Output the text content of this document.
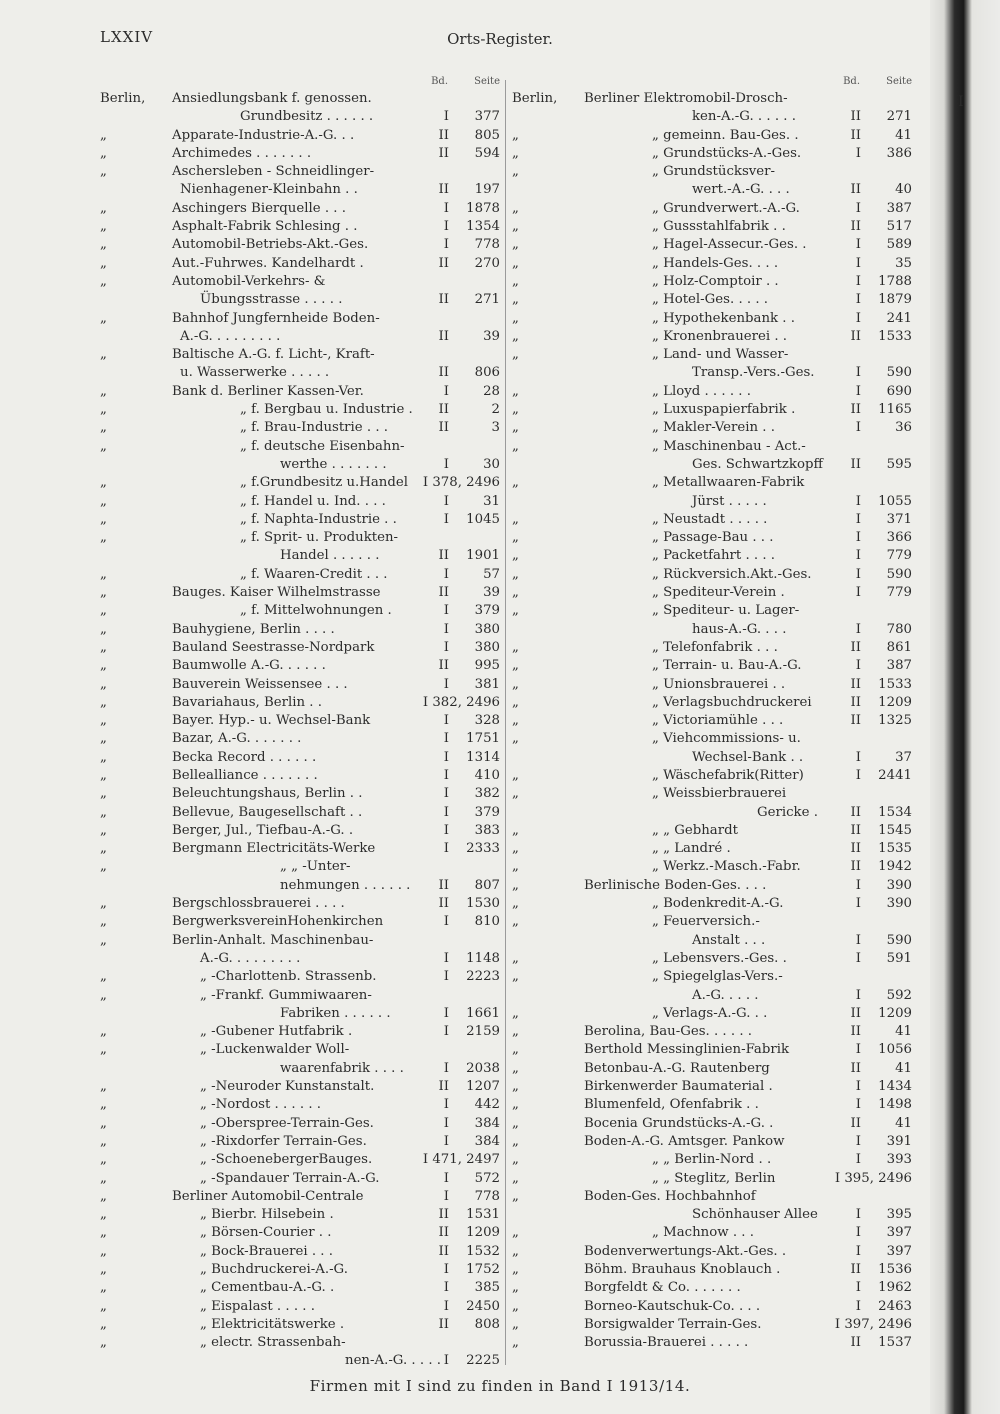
LXXIV	Orts-Register.
Bd.	Seite
Berlin, Ansiedlungsbank f. genossen.
Grundbesitz . . . . . .	I	377
„	Apparate-Industrie-A.-G. . .	II	805
„	Archimedes . . . . . . .	II	594
„	Aschersleben - Schneidlinger-
Nienhagener-Kleinbahn . .	II	197
„	Aschingers Bierquelle . . .	I	1878
„	Asphalt-Fabrik Schlesing . .	I	1354
„	Automobil-Betriebs-Akt.-Ges.	I	778
„	Aut.-Fuhrwes. Kandelhardt .	II	270
„	Automobil-Verkehrs- &
Übungsstrasse . . . . .	II	271
„	Bahnhof Jungfernheide Boden-
A.-G. . . . . . . . .	II	39
„	Baltische A.-G. f. Licht-, Kraft-
u. Wasserwerke . . . . .	II	806
„	Bank d. Berliner Kassen-Ver.	I	28
„	„ f. Bergbau u. Industrie .	II	2
„	„ f. Brau-Industrie . . .	II	3
„	„ f. deutsche Eisenbahn-
werthe . . . . . . .	I	30
„	„ f.Grundbesitz u.Handel	I 378, 2496
„	„ f. Handel u. Ind. . . .	I	31
„	„ f. Naphta-Industrie . .	I	1045
„	„ f. Sprit- u. Produkten-
Handel . . . . . .	II	1901
„	„ f. Waaren-Credit . . .	I	57
„	Bauges. Kaiser Wilhelmstrasse	II	39
„	„ f. Mittelwohnungen .	I	379
„	Bauhygiene, Berlin . . . .	I	380
„	Bauland Seestrasse-Nordpark	I	380
„	Baumwolle A.-G. . . . . .	II	995
„	Bauverein Weissensee . . .	I	381
„	Bavariahaus, Berlin . .	I 382, 2496
„	Bayer. Hyp.- u. Wechsel-Bank	I	328
„	Bazar, A.-G. . . . . . .	I	1751
„	Becka Record . . . . . .	I	1314
„	Bellealliance . . . . . . .	I	410
„	Beleuchtungshaus, Berlin . .	I	382
„	Bellevue, Baugesellschaft . .	I	379
„	Berger, Jul., Tiefbau-A.-G. .	I	383
„	Bergmann Electricitäts-Werke	I	2333
„	„ „ -Unter-
nehmungen . . . . . .	II	807
„	Bergschlossbrauerei . . . .	II	1530
„	BergwerksvereinHohenkirchen	I	810
„	Berlin-Anhalt. Maschinenbau-
A.-G. . . . . . . . .	I	1148
„	„ -Charlottenb. Strassenb.	I	2223
„	„ -Frankf. Gummiwaaren-
Fabriken . . . . . .	I	1661
„	„ -Gubener Hutfabrik .	I	2159
„	„ -Luckenwalder Woll-
waarenfabrik . . . .	I	2038
„	„ -Neuroder Kunstanstalt.	II	1207
„	„ -Nordost . . . . . .	I	442
„	„ -Oberspree-Terrain-Ges.	I	384
„	„ -Rixdorfer Terrain-Ges.	I	384
„	„ -SchoenebergerBauges.	I 471, 2497
„	„ -Spandauer Terrain-A.-G.	I	572
„	Berliner Automobil-Centrale	I	778
„	„ Bierbr. Hilsebein .	II	1531
„	„ Börsen-Courier . .	II	1209
„	„ Bock-Brauerei . . .	II	1532
„	„ Buchdruckerei-A.-G.	I	1752
„	„ Cementbau-A.-G. .	I	385
„	„ Eispalast . . . . .	I	2450
„	„ Elektricitätswerke .	II	808
„	„ electr. Strassenbah-
nen-A.-G. . . . . I	2225
Bd.	Seite
Berlin, Berliner Elektromobil-Drosch-
ken-A.-G. . . . . .	II	271
„	„ gemeinn. Bau-Ges. .	II	41
„	„ Grundstücks-A.-Ges.	I	386
„	„ Grundstücksver-
wert.-A.-G. . . .	II	40
„	„ Grundverwert.-A.-G.	I	387
„	„ Gussstahlfabrik . .	II	517
„	„ Hagel-Assecur.-Ges. .	I	589
„	„ Handels-Ges. . . .	I	35
„	„ Holz-Comptoir . .	I	1788
„	„ Hotel-Ges. . . . .	I	1879
„	„ Hypothekenbank . .	I	241
„	„ Kronenbrauerei . .	II	1533
„	„ Land- und Wasser-
Transp.-Vers.-Ges.	I	590
„	„ Lloyd . . . . . .	I	690
„	„ Luxuspapierfabrik .	II	1165
„	„ Makler-Verein . .	I	36
„	„ Maschinenbau - Act.-
Ges. Schwartzkopff	II	595
„	„ Metallwaaren-Fabrik
Jürst . . . . .	I	1055
„	„ Neustadt . . . . .	I	371
„	„ Passage-Bau . . .	I	366
„	„ Packetfahrt . . . .	I	779
„	„ Rückversich.Akt.-Ges.	I	590
„	„ Spediteur-Verein .	I	779
„	„ Spediteur- u. Lager-
haus-A.-G. . . .	I	780
„	„ Telefonfabrik . . .	II	861
„	„ Terrain- u. Bau-A.-G.	I	387
„	„ Unionsbrauerei . .	II	1533
„	„ Verlagsbuchdruckerei	II	1209
„	„ Victoriamühle . . .	II	1325
„	„ Viehcommissions- u.
Wechsel-Bank . .	I	37
„	„ Wäschefabrik(Ritter)	I	2441
„	„ Weissbierbrauerei
Gericke .	II	1534
„	„ „ Gebhardt	II	1545
„	„ „ Landré .	II	1535
„	„ Werkz.-Masch.-Fabr.	II	1942
„	Berlinische Boden-Ges. . . .	I	390
„	„ Bodenkredit-A.-G.	I	390
„	„ Feuerversich.-
Anstalt . . .	I	590
„	„ Lebensvers.-Ges. .	I	591
„	„ Spiegelglas-Vers.-
A.-G. . . . .	I	592
„	„ Verlags-A.-G. . .	II	1209
„	Berolina, Bau-Ges. . . . . .	II	41
„	Berthold Messinglinien-Fabrik	I	1056
„	Betonbau-A.-G. Rautenberg	II	41
„	Birkenwerder Baumaterial .	I	1434
„	Blumenfeld, Ofenfabrik . .	I	1498
„	Bocenia Grundstücks-A.-G. .	II	41
„	Boden-A.-G. Amtsger. Pankow	I	391
„	„ „ Berlin-Nord . .	I	393
„	„ „ Steglitz, Berlin	I 395, 2496
„	Boden-Ges. Hochbahnhof
Schönhauser Allee	I	395
„	„ Machnow . . .	I	397
„	Bodenverwertungs-Akt.-Ges. .	I	397
„	Böhm. Brauhaus Knoblauch .	II	1536
„	Borgfeldt & Co. . . . . . .	I	1962
„	Borneo-Kautschuk-Co. . . .	I	2463
„	Borsigwalder Terrain-Ges.	I 397, 2496
„	Borussia-Brauerei . . . . .	II	1537
I
Firmen mit I sind zu finden in Band I 1913/14.
